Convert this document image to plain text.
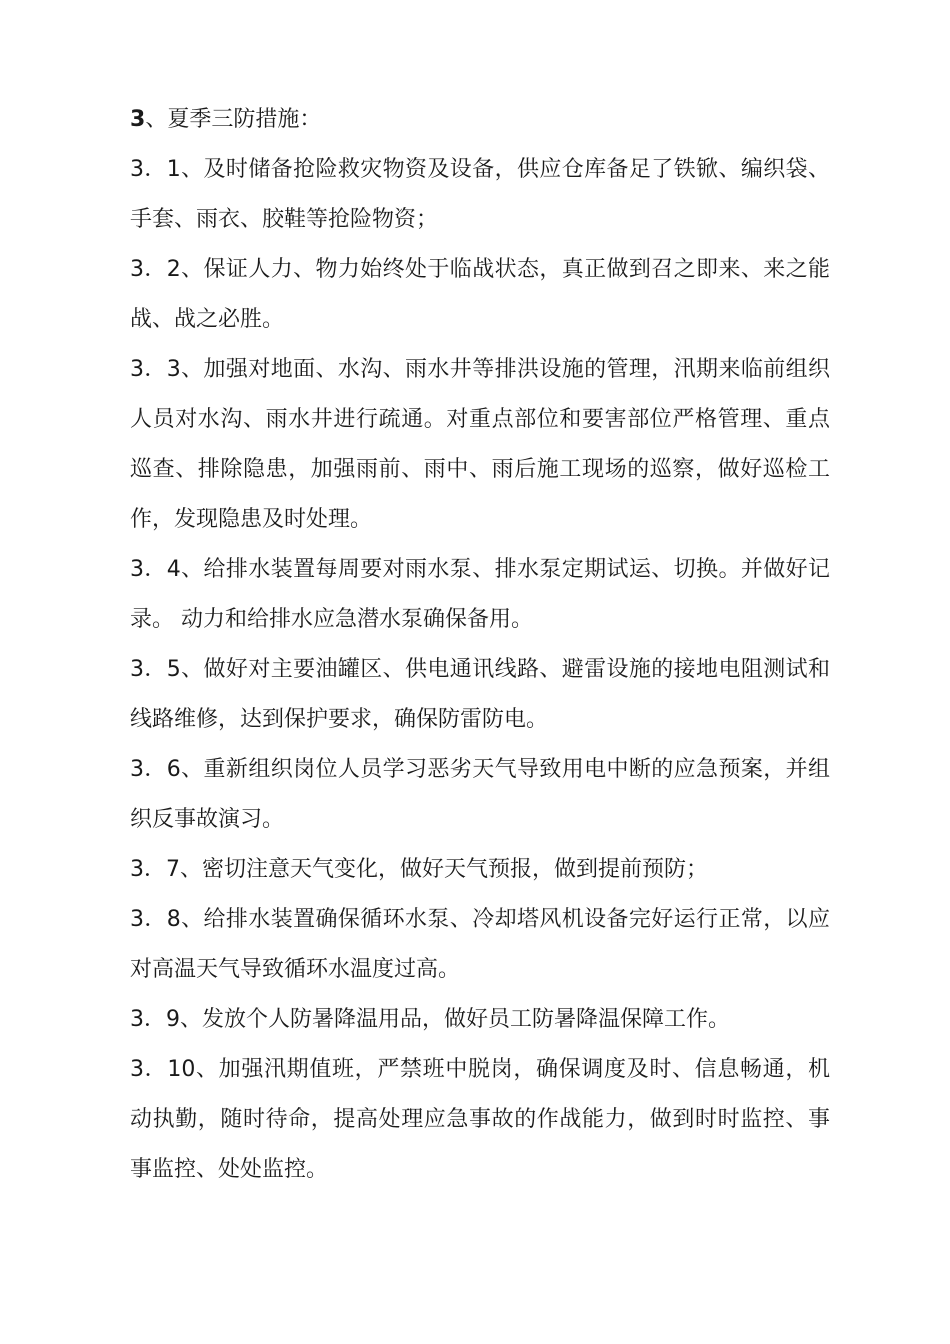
3、夏季三防措施：

3．1、及时储备抢险救灾物资及设备，供应仓库备足了铁锨、编织袋、手套、雨衣、胶鞋等抢险物资；

3．2、保证人力、物力始终处于临战状态，真正做到召之即来、来之能战、战之必胜。

3．3、加强对地面、水沟、雨水井等排洪设施的管理，汛期来临前组织人员对水沟、雨水井进行疏通。对重点部位和要害部位严格管理、重点巡查、排除隐患，加强雨前、雨中、雨后施工现场的巡察，做好巡检工作，发现隐患及时处理。

3．4、给排水装置每周要对雨水泵、排水泵定期试运、切换。并做好记录。 动力和给排水应急潜水泵确保备用。

3．5、做好对主要油罐区、供电通讯线路、避雷设施的接地电阻测试和线路维修，达到保护要求，确保防雷防电。

3．6、重新组织岗位人员学习恶劣天气导致用电中断的应急预案，并组织反事故演习。

3．7、密切注意天气变化，做好天气预报，做到提前预防；

3．8、给排水装置确保循环水泵、冷却塔风机设备完好运行正常，以应对高温天气导致循环水温度过高。

3．9、发放个人防暑降温用品，做好员工防暑降温保障工作。

3．10、加强汛期值班，严禁班中脱岗，确保调度及时、信息畅通，机动执勤，随时待命，提高处理应急事故的作战能力，做到时时监控、事事监控、处处监控。
